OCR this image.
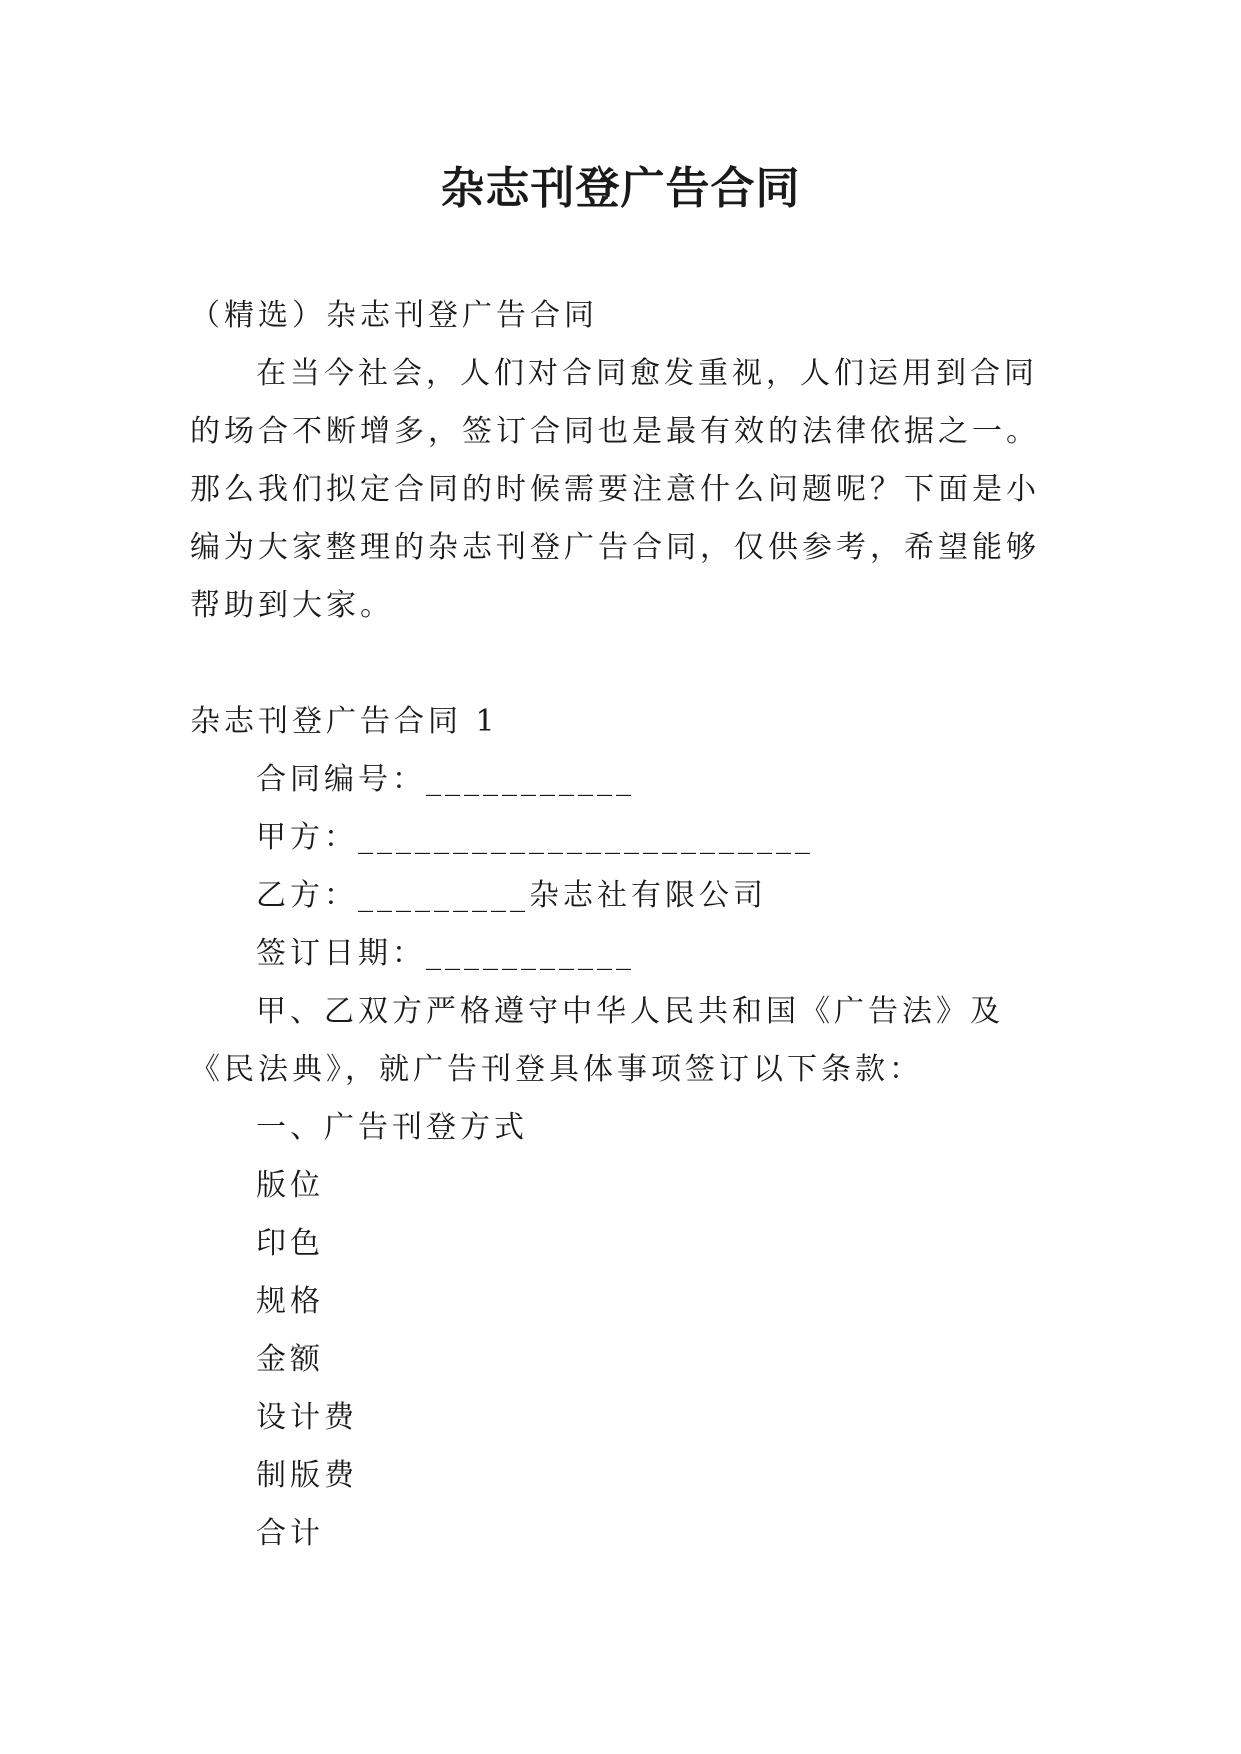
杂志刊登广告合同

（精选）杂志刊登广告合同

在当今社会，人们对合同愈发重视，人们运用到合同的场合不断增多，签订合同也是最有效的法律依据之一。那么我们拟定合同的时候需要注意什么问题呢？下面是小编为大家整理的杂志刊登广告合同，仅供参考，希望能够帮助到大家。

杂志刊登广告合同 1

合同编号：___________

甲方：________________________

乙方：_________杂志社有限公司

签订日期：___________

甲、乙双方严格遵守中华人民共和国《广告法》及《民法典》，就广告刊登具体事项签订以下条款：

一、广告刊登方式

版位

印色

规格

金额

设计费

制版费

合计
